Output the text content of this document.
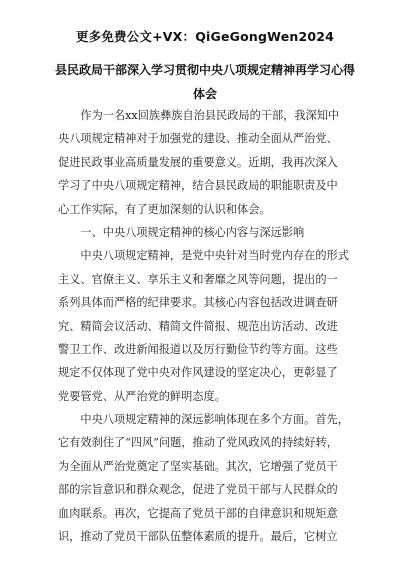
更多免费公文+VX：QiGeGongWen2024
县民政局干部深入学习贯彻中央八项规定精神再学习心得
体会
　　作为一名xx回族彝族自治县民政局的干部，我深知中
央八项规定精神对于加强党的建设、推动全面从严治党、
促进民政事业高质量发展的重要意义。近期，我再次深入
学习了中央八项规定精神，结合县民政局的职能职责及中
心工作实际，有了更加深刻的认识和体会。
　　一、中央八项规定精神的核心内容与深远影响
　　中央八项规定精神，是党中央针对当时党内存在的形式
主义、官僚主义、享乐主义和奢靡之风等问题，提出的一
系列具体而严格的纪律要求。其核心内容包括改进调查研
究、精简会议活动、精简文件简报、规范出访活动、改进
警卫工作、改进新闻报道以及厉行勤俭节约等方面。这些
规定不仅体现了党中央对作风建设的坚定决心，更彰显了
党要管党、从严治党的鲜明态度。
　　中央八项规定精神的深远影响体现在多个方面。首先，
它有效刹住了“四风”问题，推动了党风政风的持续好转，
为全面从严治党奠定了坚实基础。其次，它增强了党员干
部的宗旨意识和群众观念，促进了党员干部与人民群众的
血肉联系。再次，它提高了党员干部的自律意识和规矩意
识，推动了党员干部队伍整体素质的提升。最后，它树立
